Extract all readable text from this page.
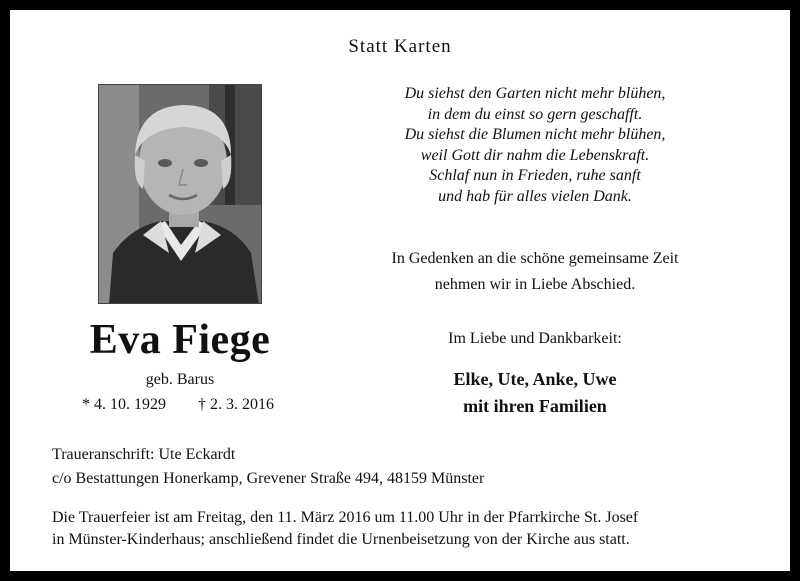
Statt Karten
Eva Fiege
geb. Barus
* 4. 10. 1929 † 2. 3. 2016
Du siehst den Garten nicht mehr blühen,
in dem du einst so gern geschafft.
Du siehst die Blumen nicht mehr blühen,
weil Gott dir nahm die Lebenskraft.
Schlaf nun in Frieden, ruhe sanft
und hab für alles vielen Dank.
In Gedenken an die schöne gemeinsame Zeit
nehmen wir in Liebe Abschied.
Im Liebe und Dankbarkeit:
Elke, Ute, Anke, Uwe
mit ihren Familien
Traueranschrift: Ute Eckardt
c/o Bestattungen Honerkamp, Grevener Straße 494, 48159 Münster
Die Trauerfeier ist am Freitag, den 11. März 2016 um 11.00 Uhr in der Pfarrkirche St. Josef
in Münster-Kinderhaus; anschließend findet die Urnenbeisetzung von der Kirche aus statt.
